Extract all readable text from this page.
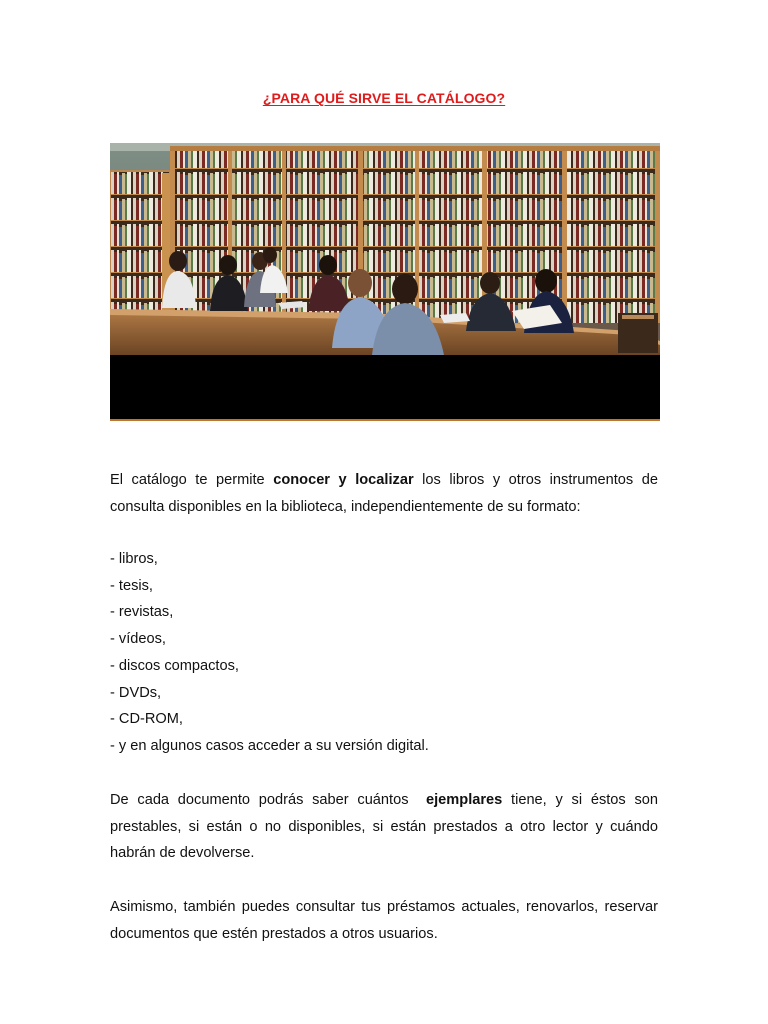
¿PARA QUÉ SIRVE EL CATÁLOGO?
El catálogo te permite conocer y localizar los libros y otros instrumentos de consulta disponibles en la biblioteca, independientemente de su formato:
- libros,
- tesis,
- revistas,
- vídeos,
- discos compactos,
- DVDs,
- CD-ROM,
- y en algunos casos acceder a su versión digital.
De cada documento podrás saber cuántos  ejemplares tiene, y si éstos son prestables, si están o no disponibles, si están prestados a otro lector y cuándo habrán de devolverse.
Asimismo, también puedes consultar tus préstamos actuales, renovarlos, reservar documentos que estén prestados a otros usuarios.
